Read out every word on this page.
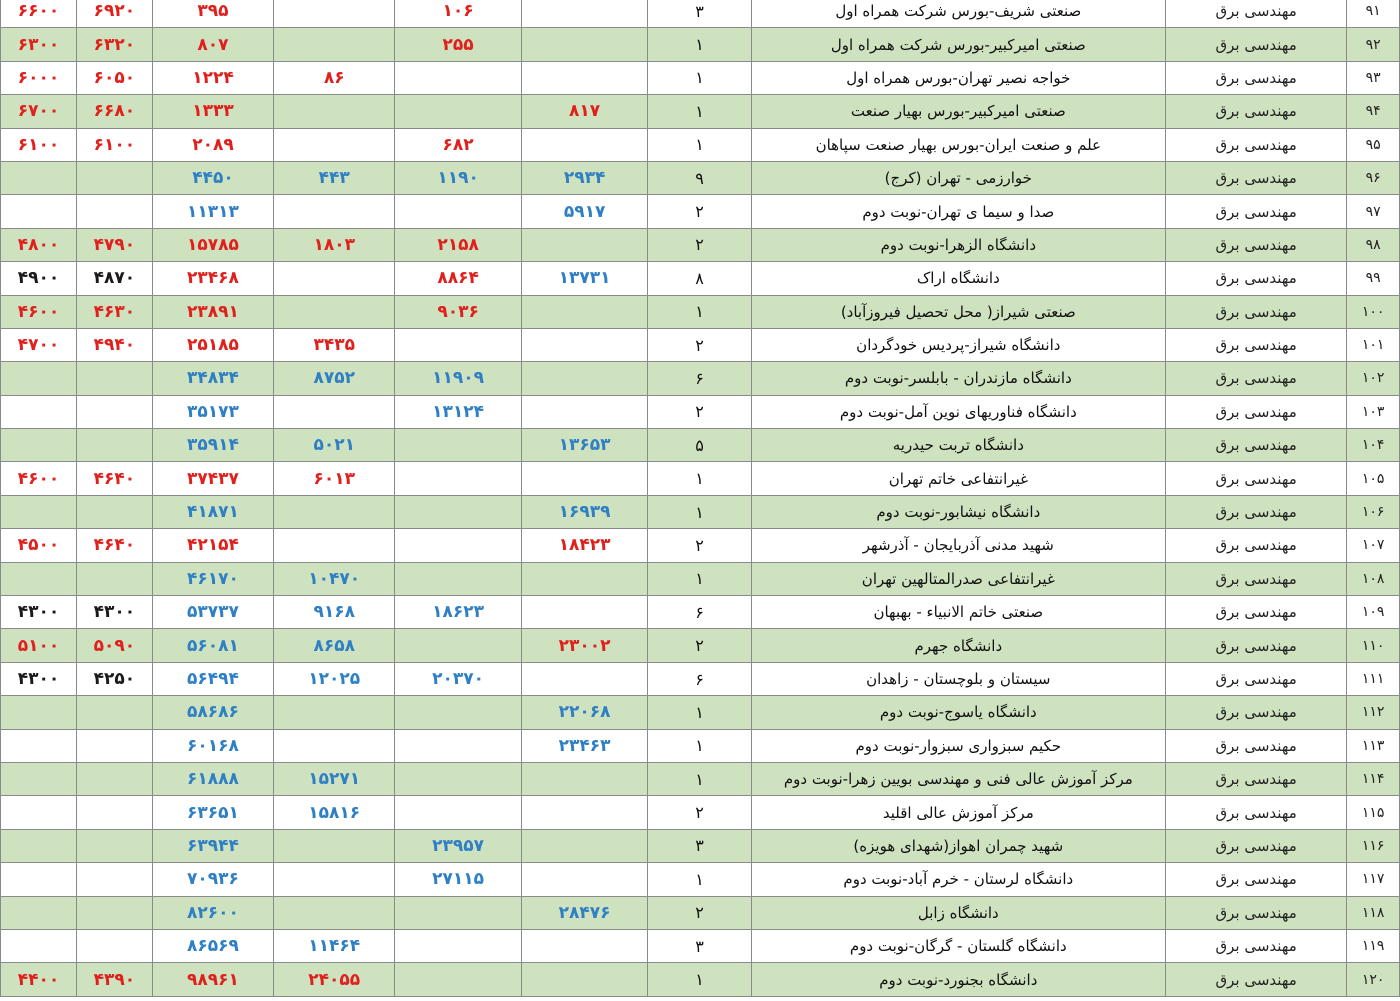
۹۱	مهندسی برق	صنعتی شریف-بورس شرکت همراه اول	۳		۱۰۶		۳۹۵	۶۹۲۰	۶۶۰۰
۹۲	مهندسی برق	صنعتی امیرکبیر-بورس شرکت همراه اول	۱		۲۵۵		۸۰۷	۶۳۲۰	۶۳۰۰
۹۳	مهندسی برق	خواجه نصیر تهران-بورس همراه اول	۱			۸۶	۱۲۲۴	۶۰۵۰	۶۰۰۰
۹۴	مهندسی برق	صنعتی امیرکبیر-بورس بهیار صنعت	۱	۸۱۷			۱۳۳۳	۶۶۸۰	۶۷۰۰
۹۵	مهندسی برق	علم و صنعت ایران-بورس بهیار صنعت سپاهان	۱		۶۸۲		۲۰۸۹	۶۱۰۰	۶۱۰۰
۹۶	مهندسی برق	خوارزمی - تهران (کرج)	۹	۲۹۳۴	۱۱۹۰	۴۴۳	۴۴۵۰		
۹۷	مهندسی برق	صدا و سیما ی تهران-نوبت دوم	۲	۵۹۱۷			۱۱۳۱۳		
۹۸	مهندسی برق	دانشگاه الزهرا-نوبت دوم	۲		۲۱۵۸	۱۸۰۳	۱۵۷۸۵	۴۷۹۰	۴۸۰۰
۹۹	مهندسی برق	دانشگاه اراک	۸	۱۳۷۳۱	۸۸۶۴		۲۳۴۶۸	۴۸۷۰	۴۹۰۰
۱۰۰	مهندسی برق	صنعتی شیراز( محل تحصیل فیروزآباد)	۱		۹۰۳۶		۲۳۸۹۱	۴۶۳۰	۴۶۰۰
۱۰۱	مهندسی برق	دانشگاه شیراز-پردیس خودگردان	۲			۳۴۳۵	۲۵۱۸۵	۴۹۴۰	۴۷۰۰
۱۰۲	مهندسی برق	دانشگاه مازندران - بابلسر-نوبت دوم	۶		۱۱۹۰۹	۸۷۵۲	۳۴۸۳۴		
۱۰۳	مهندسی برق	دانشگاه فناوریهای نوین آمل-نوبت دوم	۲		۱۳۱۲۴		۳۵۱۷۳		
۱۰۴	مهندسی برق	دانشگاه تربت حیدریه	۵	۱۳۶۵۳		۵۰۲۱	۳۵۹۱۴		
۱۰۵	مهندسی برق	غیرانتفاعی خاتم تهران	۱			۶۰۱۳	۳۷۴۳۷	۴۶۴۰	۴۶۰۰
۱۰۶	مهندسی برق	دانشگاه نیشابور-نوبت دوم	۱	۱۶۹۳۹			۴۱۸۷۱		
۱۰۷	مهندسی برق	شهید مدنی آذربایجان - آذرشهر	۲	۱۸۴۲۳			۴۲۱۵۴	۴۶۴۰	۴۵۰۰
۱۰۸	مهندسی برق	غیرانتفاعی صدرالمتالهین تهران	۱			۱۰۴۷۰	۴۶۱۷۰		
۱۰۹	مهندسی برق	صنعتی خاتم الانبیاء - بهبهان	۶		۱۸۶۲۳	۹۱۶۸	۵۳۷۳۷	۴۳۰۰	۴۳۰۰
۱۱۰	مهندسی برق	دانشگاه جهرم	۲	۲۳۰۰۲		۸۶۵۸	۵۶۰۸۱	۵۰۹۰	۵۱۰۰
۱۱۱	مهندسی برق	سیستان و بلوچستان - زاهدان	۶		۲۰۳۷۰	۱۲۰۲۵	۵۶۴۹۴	۴۲۵۰	۴۳۰۰
۱۱۲	مهندسی برق	دانشگاه یاسوج-نوبت دوم	۱	۲۲۰۶۸			۵۸۶۸۶		
۱۱۳	مهندسی برق	حکیم سبزواری سبزوار-نوبت دوم	۱	۲۳۴۶۳			۶۰۱۶۸		
۱۱۴	مهندسی برق	مرکز آموزش عالی فنی و مهندسی بویین زهرا-نوبت دوم	۱			۱۵۲۷۱	۶۱۸۸۸		
۱۱۵	مهندسی برق	مرکز آموزش عالی اقلید	۲			۱۵۸۱۶	۶۳۶۵۱		
۱۱۶	مهندسی برق	شهید چمران اهواز(شهدای هویزه)	۳		۲۳۹۵۷		۶۳۹۴۴		
۱۱۷	مهندسی برق	دانشگاه لرستان - خرم آباد-نوبت دوم	۱		۲۷۱۱۵		۷۰۹۳۶		
۱۱۸	مهندسی برق	دانشگاه زابل	۲	۲۸۴۷۶			۸۲۶۰۰		
۱۱۹	مهندسی برق	دانشگاه گلستان - گرگان-نوبت دوم	۳			۱۱۴۶۴	۸۶۵۶۹		
۱۲۰	مهندسی برق	دانشگاه بجنورد-نوبت دوم	۱			۲۴۰۵۵	۹۸۹۶۱	۴۳۹۰	۴۴۰۰
